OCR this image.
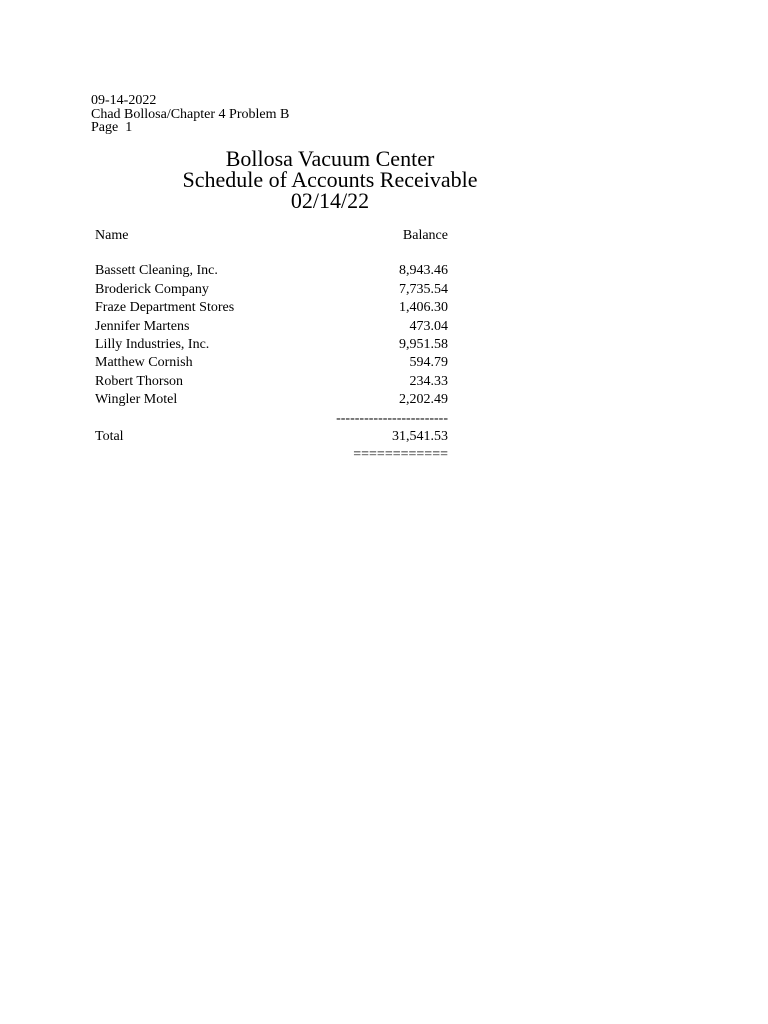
09-14-2022
Chad Bollosa/Chapter 4 Problem B
Page  1
Bollosa Vacuum Center
Schedule of Accounts Receivable
02/14/22
Name	Balance
Bassett Cleaning, Inc.	8,943.46
Broderick Company	7,735.54
Fraze Department Stores	1,406.30
Jennifer Martens	473.04
Lilly Industries, Inc.	9,951.58
Matthew Cornish	594.79
Robert Thorson	234.33
Wingler Motel	2,202.49
------------------------
Total	31,541.53
============
